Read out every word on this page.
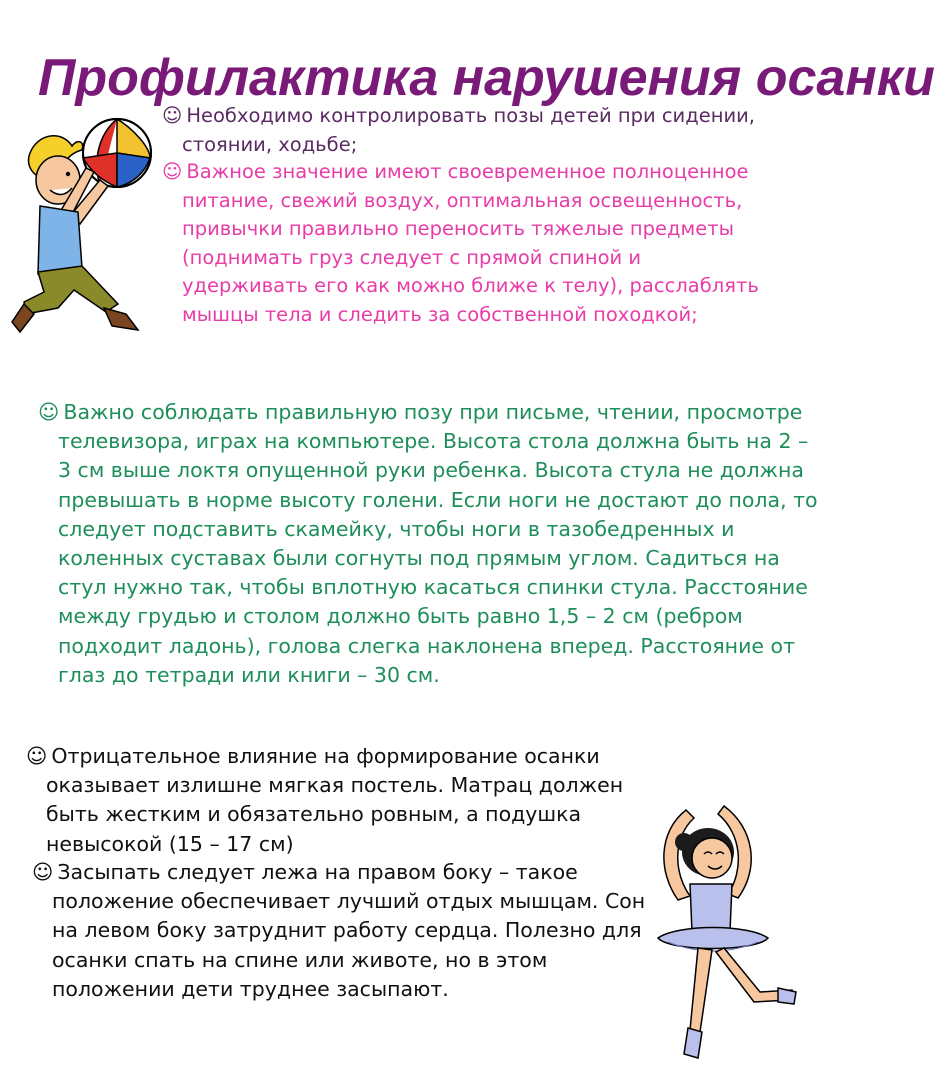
Профилактика нарушения осанки
☺ Необходимо контролировать позы детей при сидении, стоянии, ходьбе;
☺ Важное значение имеют своевременное полноценное питание, свежий воздух, оптимальная освещенность, привычки правильно переносить тяжелые предметы (поднимать груз следует с прямой спиной и удерживать его как можно ближе к телу), расслаблять мышцы тела и следить за собственной походкой;
☺ Важно соблюдать правильную позу при письме, чтении, просмотре телевизора, играх на компьютере. Высота стола должна быть на 2 – 3 см выше локтя опущенной руки ребенка. Высота стула не должна превышать в норме высоту голени. Если ноги не достают до пола, то следует подставить скамейку, чтобы ноги в тазобедренных и коленных суставах были согнуты под прямым углом. Садиться на стул нужно так, чтобы вплотную касаться спинки стула. Расстояние между грудью и столом должно быть равно 1,5 – 2 см (ребром подходит ладонь), голова слегка наклонена вперед. Расстояние от глаз до тетради или книги – 30 см.
☺ Отрицательное влияние на формирование осанки оказывает излишне мягкая постель. Матрац должен быть жестким и обязательно ровным, а подушка невысокой (15 – 17 см)
☺ Засыпать следует лежа на правом боку – такое положение обеспечивает лучший отдых мышцам. Сон на левом боку затруднит работу сердца. Полезно для осанки спать на спине или животе, но в этом положении дети труднее засыпают.
